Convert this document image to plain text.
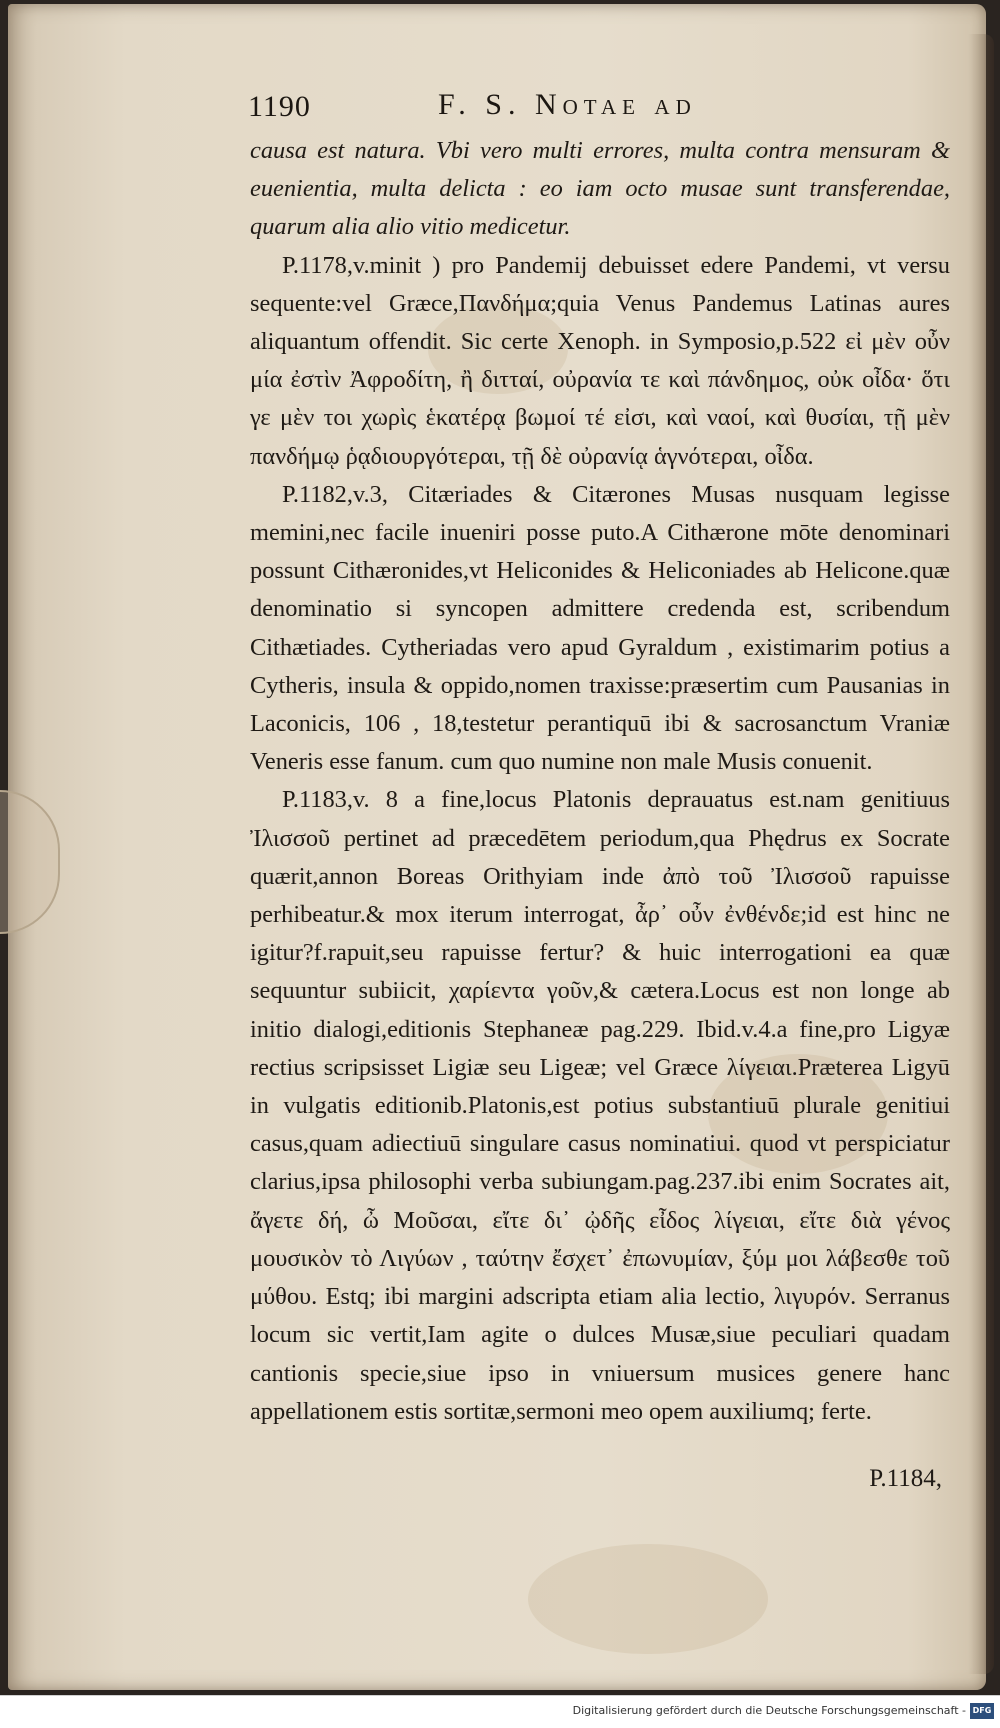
1190	F. S. Notae ad

causa est natura. Vbi vero multi errores, multa contra mensuram & euenientia, multa delicta : eo iam octo musae sunt transferendae, quarum alia alio vitio medicetur.

P.1178,v.minit ) pro Pandemij debuisset edere Pandemi, vt versu sequente:vel Græce,Πανδήμα;quia Venus Pandemus Latinas aures aliquantum offendit. Sic certe Xenoph. in Symposio,p.522 εἰ μὲν οὖν μία ἐστὶν Ἀφροδίτη, ἢ διτταί, οὐρανία τε καὶ πάνδημος, οὐκ οἶδα· ὅτι γε μὲν τοι χωρὶς ἑκατέρᾳ βωμοί τέ εἰσι, καὶ ναοί, καὶ θυσίαι, τῇ μὲν πανδήμῳ ῥᾳδιουργότεραι, τῇ δὲ οὐρανίᾳ ἁγνότεραι, οἶδα.

P.1182,v.3, Citæriades & Citærones Musas nusquam legisse memini,nec facile inueniri posse puto.A Cithærone mōte denominari possunt Cithæronides,vt Heliconides & Heliconiades ab Helicone.quæ denominatio si syncopen admittere credenda est, scribendum Cithætiades. Cytheriadas vero apud Gyraldum , existimarim potius a Cytheris, insula & oppido,nomen traxisse:præsertim cum Pausanias in Laconicis, 106 , 18,testetur perantiquū ibi & sacrosanctum Vraniæ Veneris esse fanum. cum quo numine non male Musis conuenit.

P.1183,v. 8 a fine,locus Platonis deprauatus est.nam genitiuus Ἰλισσοῦ pertinet ad præcedētem periodum,qua Phędrus ex Socrate quærit,annon Boreas Orithyiam inde ἀπὸ τοῦ Ἰλισσοῦ rapuisse perhibeatur.& mox iterum interrogat, ἆρ᾽ οὖν ἐνθένδε;id est hinc ne igitur?f.rapuit,seu rapuisse fertur? & huic interrogationi ea quæ sequuntur subiicit, χαρίεντα γοῦν,& cætera.Locus est non longe ab initio dialogi,editionis Stephaneæ pag.229. Ibid.v.4.a fine,pro Ligyæ rectius scripsisset Ligiæ seu Ligeæ; vel Græce λίγειαι.Præterea Ligyū in vulgatis editionib.Platonis,est potius substantiuū plurale genitiui casus,quam adiectiuū singulare casus nominatiui. quod vt perspiciatur clarius,ipsa philosophi verba subiungam.pag.237.ibi enim Socrates ait, ἄγετε δή, ὦ Μοῦσαι, εἴτε δι᾽ ᾠδῆς εἶδος λίγειαι, εἴτε διὰ γένος μουσικὸν τὸ Λιγύων , ταύτην ἔσχετ᾽ ἐπωνυμίαν, ξύμ μοι λάβεσθε τοῦ μύθου. Estq; ibi margini adscripta etiam alia lectio, λιγυρόν. Serranus locum sic vertit,Iam agite o dulces Musæ,siue peculiari quadam cantionis specie,siue ipso in vniuersum musices genere hanc appellationem estis sortitæ,sermoni meo opem auxiliumq; ferte.

P.1184,
Digitalisierung gefördert durch die Deutsche Forschungsgemeinschaft - DFG
